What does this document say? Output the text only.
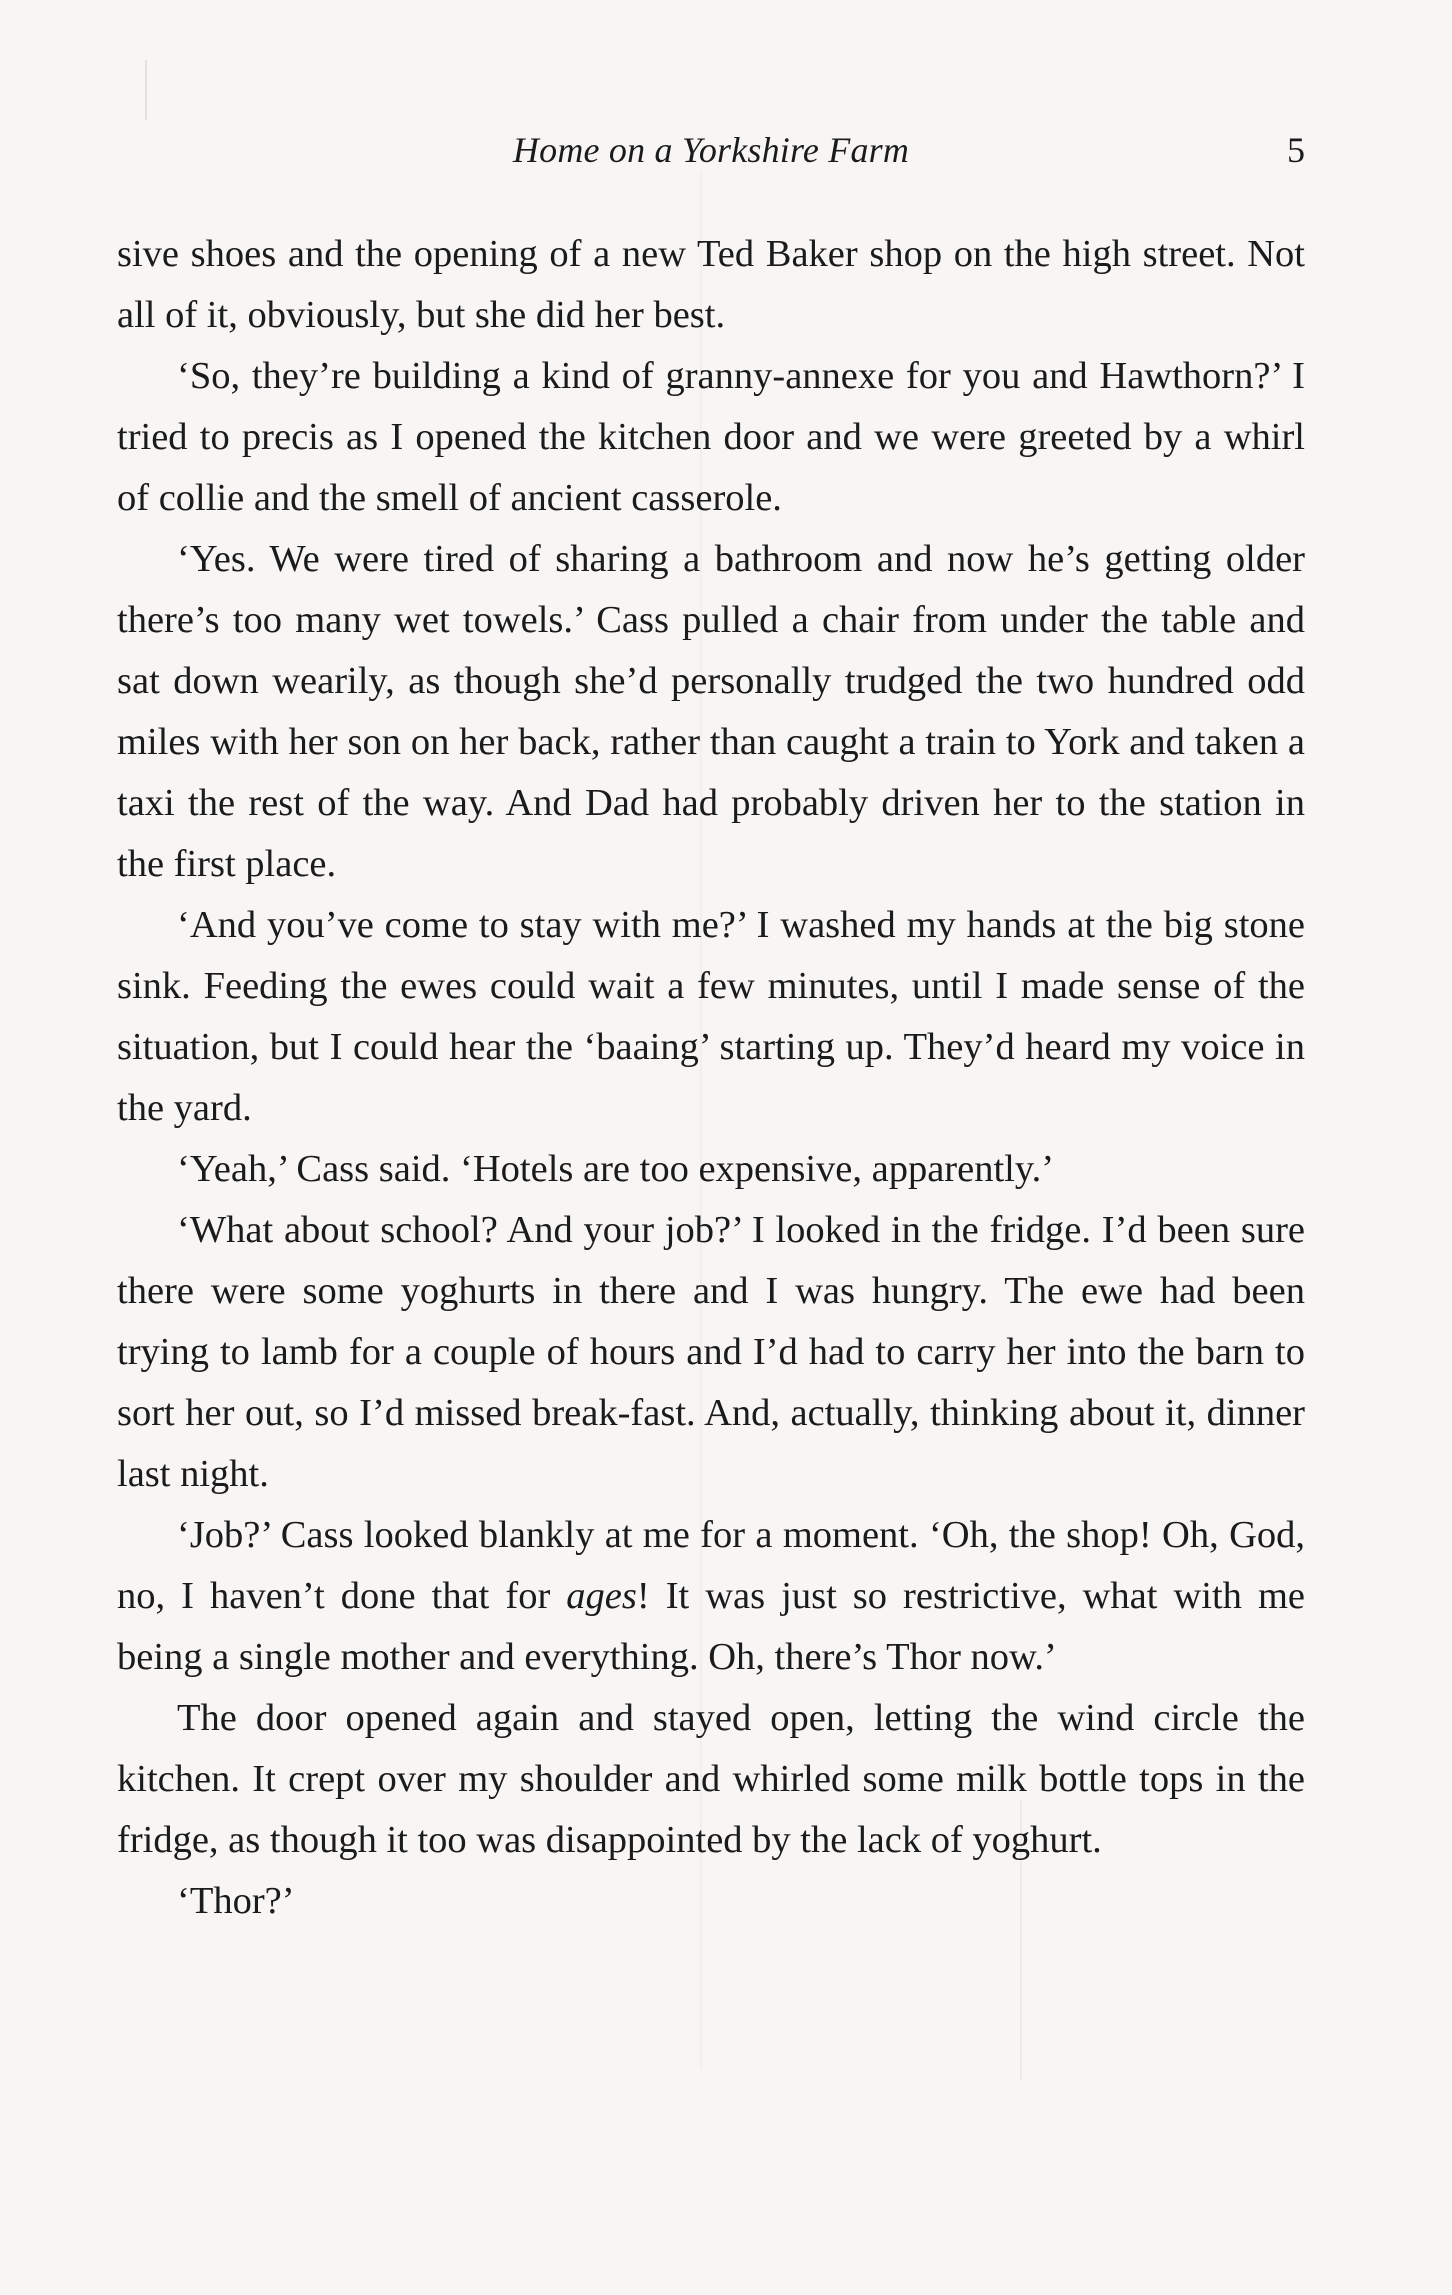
Home on a Yorkshire Farm	5

sive shoes and the opening of a new Ted Baker shop on the high street. Not all of it, obviously, but she did her best.

‘So, they’re building a kind of granny-annexe for you and Hawthorn?’ I tried to precis as I opened the kitchen door and we were greeted by a whirl of collie and the smell of ancient casserole.

‘Yes. We were tired of sharing a bathroom and now he’s getting older there’s too many wet towels.’ Cass pulled a chair from under the table and sat down wearily, as though she’d personally trudged the two hundred odd miles with her son on her back, rather than caught a train to York and taken a taxi the rest of the way. And Dad had probably driven her to the station in the first place.

‘And you’ve come to stay with me?’ I washed my hands at the big stone sink. Feeding the ewes could wait a few minutes, until I made sense of the situation, but I could hear the ‘baaing’ starting up. They’d heard my voice in the yard.

‘Yeah,’ Cass said. ‘Hotels are too expensive, apparently.’

‘What about school? And your job?’ I looked in the fridge. I’d been sure there were some yoghurts in there and I was hungry. The ewe had been trying to lamb for a couple of hours and I’d had to carry her into the barn to sort her out, so I’d missed break-fast. And, actually, thinking about it, dinner last night.

‘Job?’ Cass looked blankly at me for a moment. ‘Oh, the shop! Oh, God, no, I haven’t done that for ages! It was just so restrictive, what with me being a single mother and everything. Oh, there’s Thor now.’

The door opened again and stayed open, letting the wind circle the kitchen. It crept over my shoulder and whirled some milk bottle tops in the fridge, as though it too was disappointed by the lack of yoghurt.

‘Thor?’
